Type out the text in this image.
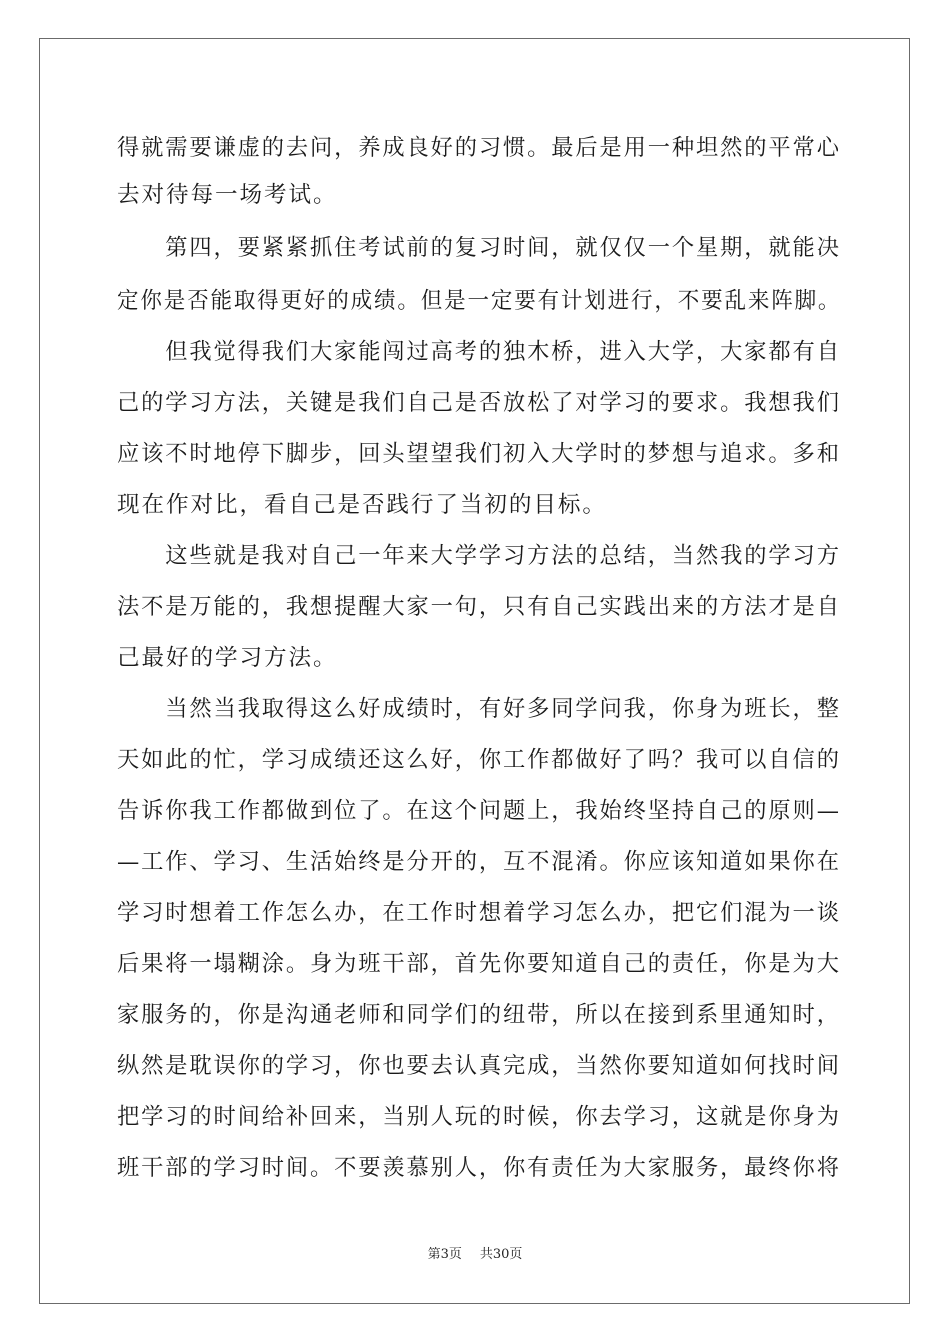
得就需要谦虚的去问，养成良好的习惯。最后是用一种坦然的平常心
去对待每一场考试。
　　第四，要紧紧抓住考试前的复习时间，就仅仅一个星期，就能决
定你是否能取得更好的成绩。但是一定要有计划进行，不要乱来阵脚。
　　但我觉得我们大家能闯过高考的独木桥，进入大学，大家都有自
己的学习方法，关键是我们自己是否放松了对学习的要求。我想我们
应该不时地停下脚步，回头望望我们初入大学时的梦想与追求。多和
现在作对比，看自己是否践行了当初的目标。
　　这些就是我对自己一年来大学学习方法的总结，当然我的学习方
法不是万能的，我想提醒大家一句，只有自己实践出来的方法才是自
己最好的学习方法。
　　当然当我取得这么好成绩时，有好多同学问我，你身为班长，整
天如此的忙，学习成绩还这么好，你工作都做好了吗？我可以自信的
告诉你我工作都做到位了。在这个问题上，我始终坚持自己的原则—
—工作、学习、生活始终是分开的，互不混淆。你应该知道如果你在
学习时想着工作怎么办，在工作时想着学习怎么办，把它们混为一谈
后果将一塌糊涂。身为班干部，首先你要知道自己的责任，你是为大
家服务的，你是沟通老师和同学们的纽带，所以在接到系里通知时，
纵然是耽误你的学习，你也要去认真完成，当然你要知道如何找时间
把学习的时间给补回来，当别人玩的时候，你去学习，这就是你身为
班干部的学习时间。不要羡慕别人，你有责任为大家服务，最终你将
第3页 共30页
